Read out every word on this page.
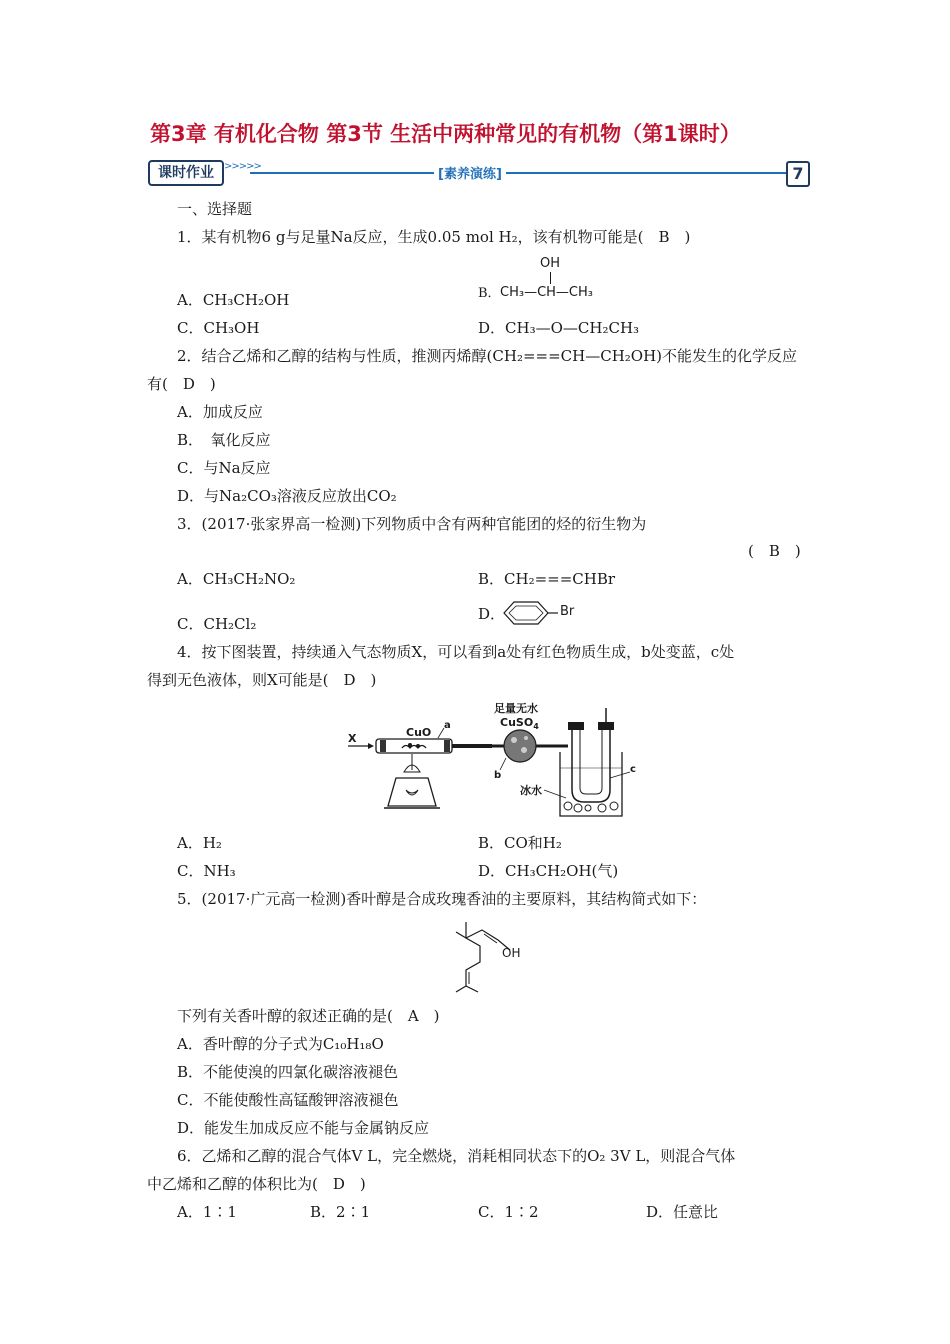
第3章 有机化合物 第3节 生活中两种常见的有机物（第1课时）
课时作业	>>>>>
[素养演练]	7
一、选择题
1．某有机物6 g与足量Na反应，生成0.05 mol H₂，该有机物可能是(　B　)
A．CH₃CH₂OH	B．
OH
CH₃—CH—CH₃
C．CH₃OH	D．CH₃—O—CH₂CH₃
2．结合乙烯和乙醇的结构与性质，推测丙烯醇(CH₂===CH—CH₂OH)不能发生的化学反应
有(　D　)
A．加成反应
B．　氧化反应
C．与Na反应
D．与Na₂CO₃溶液反应放出CO₂
3．(2017·张家界高一检测)下列物质中含有两种官能团的烃的衍生物为
(　B　)
A．CH₃CH₂NO₂	B．CH₂===CHBr
C．CH₂Cl₂
D．	Br
4．按下图装置，持续通入气态物质X，可以看到a处有红色物质生成，b处变蓝，c处
得到无色液体，则X可能是(　D　)
X	CuO
a
足量无水
CuSO$_4$
b
c
冰水
A．H₂	B．CO和H₂
C．NH₃	D．CH₃CH₂OH(气)
5．(2017·广元高一检测)香叶醇是合成玫瑰香油的主要原料，其结构简式如下：
OH
下列有关香叶醇的叙述正确的是(　A　)
A．香叶醇的分子式为C₁₀H₁₈O
B．不能使溴的四氯化碳溶液褪色
C．不能使酸性高锰酸钾溶液褪色
D．能发生加成反应不能与金属钠反应
6．乙烯和乙醇的混合气体V L，完全燃烧，消耗相同状态下的O₂ 3V L，则混合气体
中乙烯和乙醇的体积比为(　D　)
A．1∶1	B．2∶1	C．1∶2	D．任意比
